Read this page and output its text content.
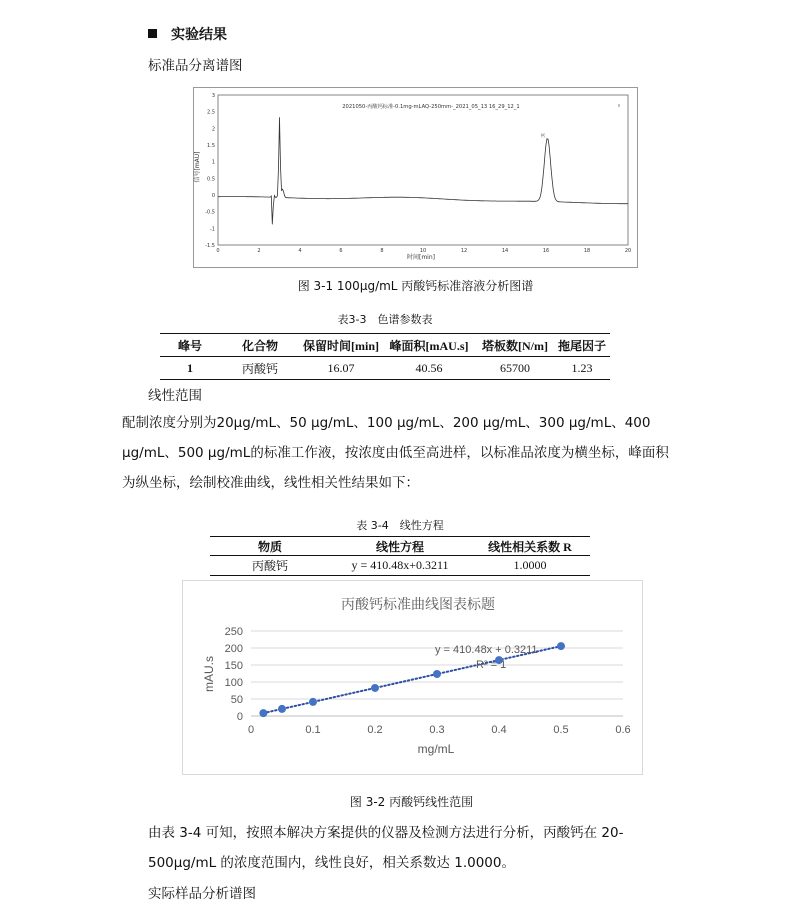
实验结果
标准品分离谱图
3
2.5
2
1.5
1
0.5
0
-0.5
-1
-1.5
0	2	4	6	8	10	12	14	16	18	20
信号[mAU]
时间[min]
2021050-丙酸钙标准-0.1mg-mLAQ-250mm-_2021_05_13 16_29_12_1
钙
图 3-1 100μg/mL 丙酸钙标准溶液分析图谱
表3-3　色谱参数表
峰号	化合物	保留时间[min]	峰面积[mAU.s]	塔板数[N/m]	拖尾因子
1	丙酸钙	16.07	40.56	65700	1.23
线性范围
配制浓度分别为20μg/mL、50 μg/mL、100 μg/mL、200 μg/mL、300 μg/mL、400
μg/mL、500 μg/mL的标准工作液，按浓度由低至高进样，以标准品浓度为横坐标，峰面积
为纵坐标，绘制校准曲线，线性相关性结果如下：
表 3-4　线性方程
物质	线性方程	线性相关系数 R
丙酸钙	y = 410.48x+0.3211	1.0000
丙酸钙标准曲线图表标题
0
50
100
150
200
250
0	0.1	0.2	0.3	0.4	0.5	0.6
mAU.s
mg/mL
y = 410.48x + 0.3211
R² = 1
图 3-2 丙酸钙线性范围
由表 3-4 可知，按照本解决方案提供的仪器及检测方法进行分析，丙酸钙在 20-
500μg/mL 的浓度范围内，线性良好，相关系数达 1.0000。
实际样品分析谱图
